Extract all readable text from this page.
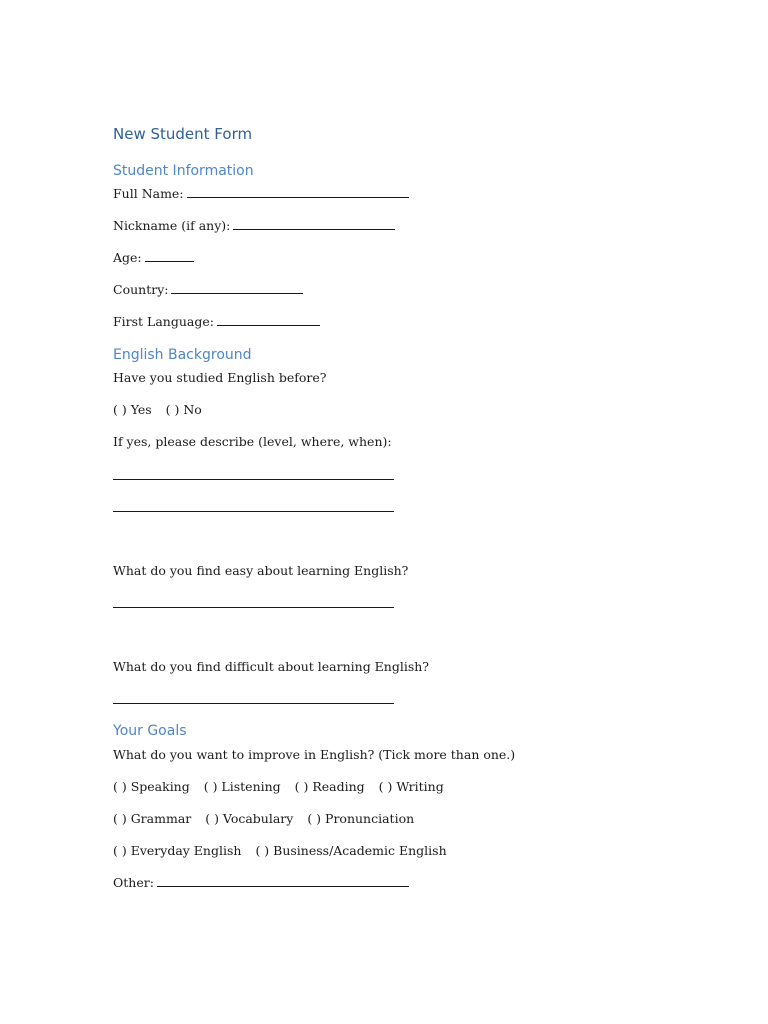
New Student Form
Student Information
Full Name:
Nickname (if any):
Age:
Country:
First Language:
English Background
Have you studied English before?
( ) Yes ( ) No
If yes, please describe (level, where, when):
What do you find easy about learning English?
What do you find difficult about learning English?
Your Goals
What do you want to improve in English? (Tick more than one.)
( ) Speaking ( ) Listening ( ) Reading ( ) Writing
( ) Grammar ( ) Vocabulary ( ) Pronunciation
( ) Everyday English ( ) Business/Academic English
Other:
